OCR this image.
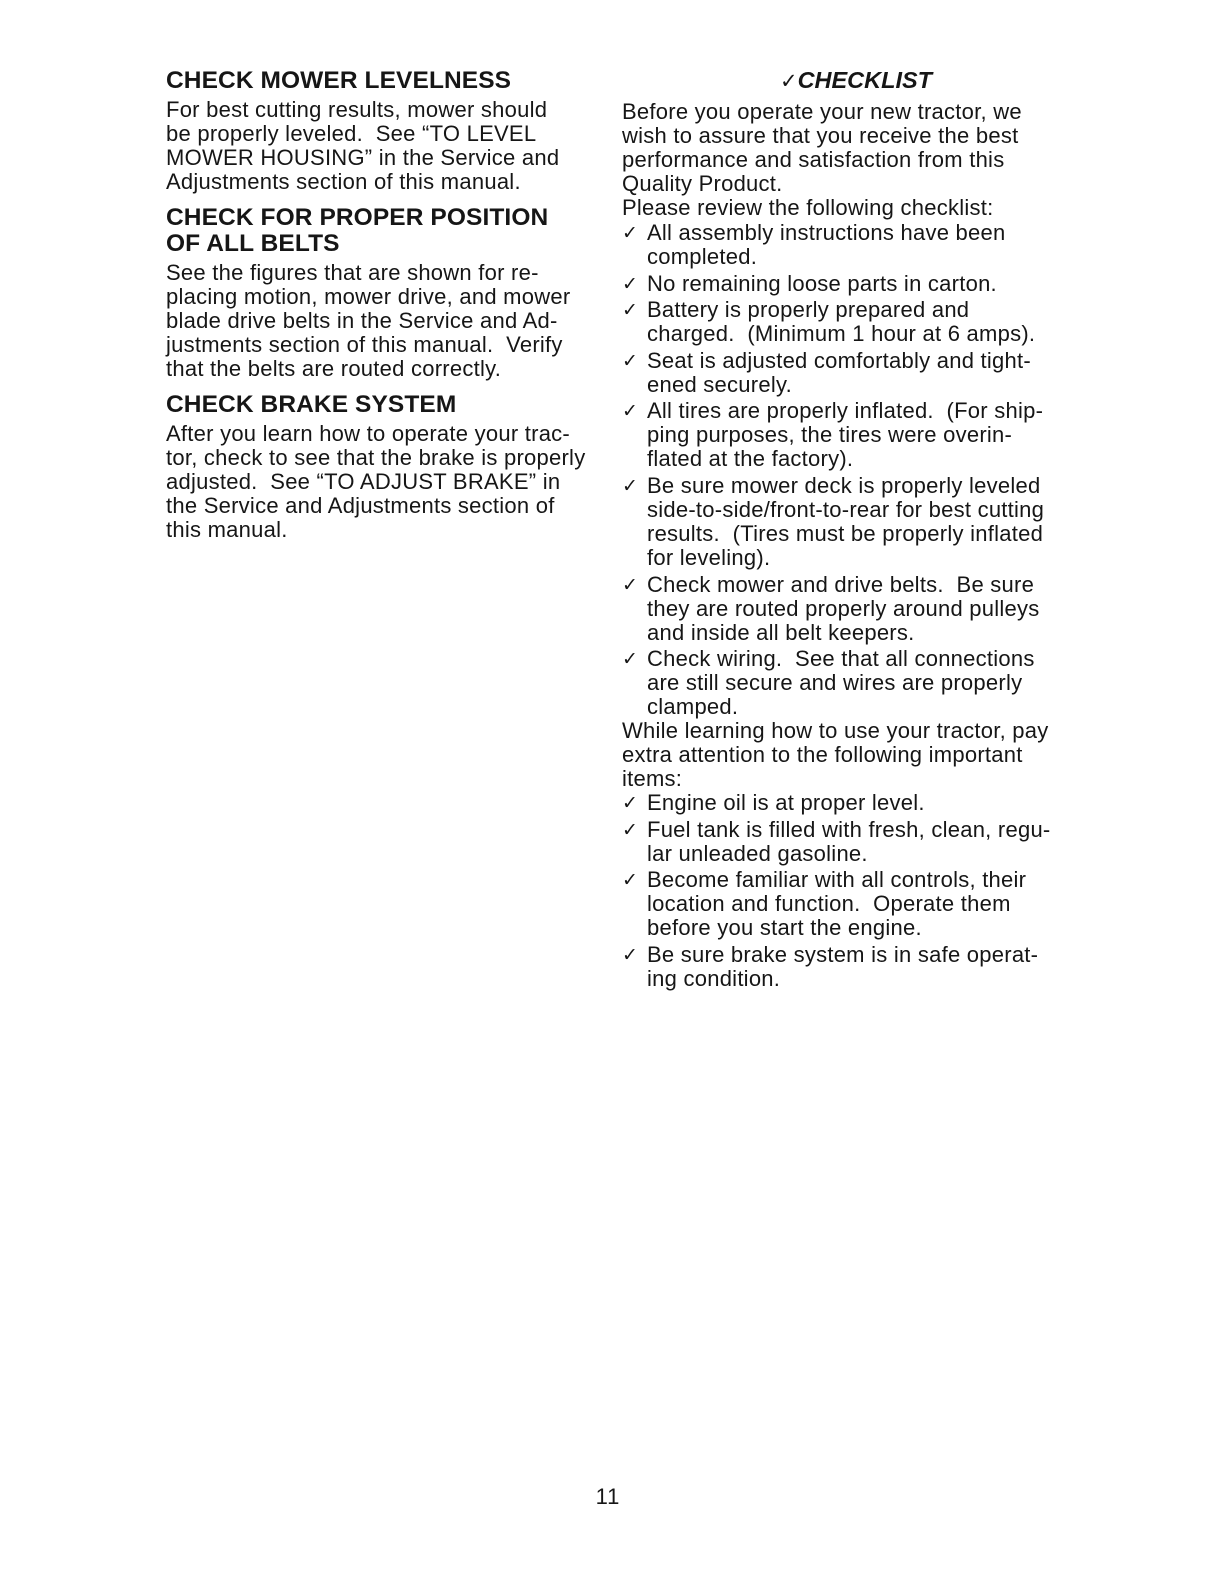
CHECK MOWER LEVELNESS
For best cutting results, mower should
be properly leveled.  See “TO LEVEL
MOWER HOUSING” in the Service and
Adjustments section of this manual.
CHECK FOR PROPER POSITION
OF ALL BELTS
See the figures that are shown for re-
placing motion, mower drive, and mower
blade drive belts in the Service and Ad-
justments section of this manual.  Verify
that the belts are routed correctly.
CHECK BRAKE SYSTEM
After you learn how to operate your trac-
tor, check to see that the brake is properly
adjusted.  See “TO ADJUST BRAKE” in
the Service and Adjustments section of
this manual.
✓CHECKLIST
Before you operate your new tractor, we
wish to assure that you receive the best
performance and satisfaction from this
Quality Product.
Please review the following checklist:
✓ All assembly instructions have been
completed.
✓ No remaining loose parts in carton.
✓ Battery is properly prepared and
charged.  (Minimum 1 hour at 6 amps).
✓ Seat is adjusted comfortably and tight-
ened securely.
✓ All tires are properly inflated.  (For ship-
ping purposes, the tires were overin-
flated at the factory).
✓ Be sure mower deck is properly leveled
side-to-side/front-to-rear for best cutting
results.  (Tires must be properly inflated
for leveling).
✓ Check mower and drive belts.  Be sure
they are routed properly around pulleys
and inside all belt keepers.
✓ Check wiring.  See that all connections
are still secure and wires are properly
clamped.
While learning how to use your tractor, pay
extra attention to the following important
items:
✓ Engine oil is at proper level.
✓ Fuel tank is filled with fresh, clean, regu-
lar unleaded gasoline.
✓ Become familiar with all controls, their
location and function.  Operate them
before you start the engine.
✓ Be sure brake system is in safe operat-
ing condition.
11
